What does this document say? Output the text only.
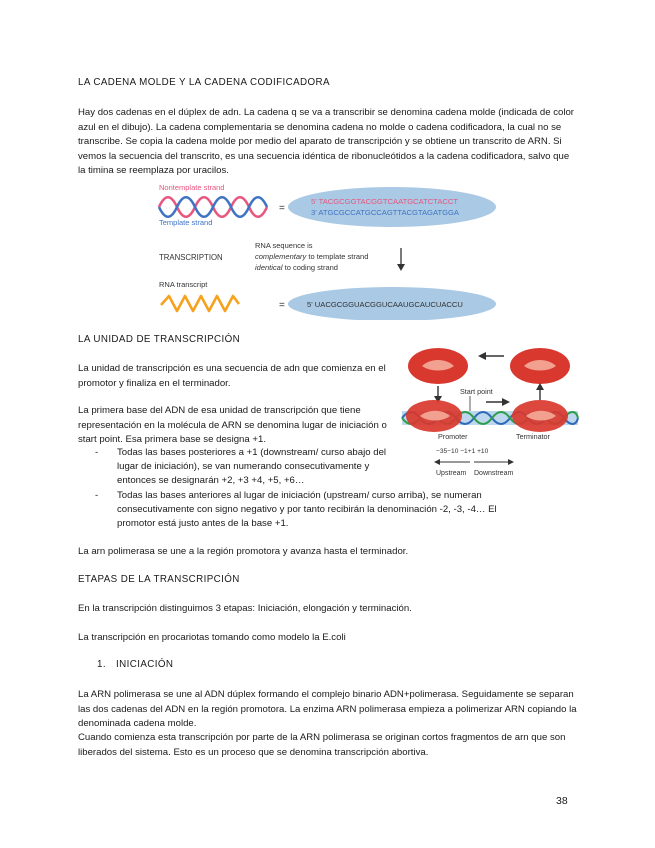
LA CADENA MOLDE Y LA CADENA CODIFICADORA

Hay dos cadenas en el dúplex de adn. La cadena q se va a transcribir se denomina cadena molde (indicada de color azul en el dibujo). La cadena complementaria se denomina cadena no molde o cadena codificadora, la cual no se transcribe. Se copia la cadena molde por medio del aparato de transcripción y se obtiene un transcrito de ARN. Si vemos la secuencia del transcrito, es una secuencia idéntica de ribonucleótidos a la cadena codificadora, salvo que la timina se reemplaza por uracilos.

Nontemplate strand
Template strand
=
5' TACGCGGTACGGTCAATGCATCTACCT
3' ATGCGCCATGCCAGTTACGTAGATGGA
TRANSCRIPTION
RNA sequence is
complementary to template strand
identical to coding strand
RNA transcript
=	5' UACGCGGUACGGUCAAUGCAUCUACCU

LA UNIDAD DE TRANSCRIPCIÓN

La unidad de transcripción es una secuencia de adn que comienza en el promotor y finaliza en el terminador.

La primera base del ADN de esa unidad de transcripción que tiene representación en la molécula de ARN se denomina lugar de iniciación o start point. Esa primera base se designa +1.

- Todas las bases posteriores a +1 (downstream/ curso abajo del lugar de iniciación), se van numerando consecutivamente y entonces se designarán +2, +3 +4, +5, +6…

- Todas las bases anteriores al lugar de iniciación (upstream/ curso arriba), se numeran consecutivamente con signo negativo y por tanto recibirán la denominación -2, -3, -4… El promotor está justo antes de la base +1.

Start point
Promoter	Terminator
−35−10 −1+1 +10
Upstream Downstream

La arn polimerasa se une a la región promotora y avanza hasta el terminador.

ETAPAS DE LA TRANSCRIPCIÓN

En la transcripción distinguimos 3 etapas: Iniciación, elongación y terminación.

La transcripción en procariotas tomando como modelo la E.coli

1. INICIACIÓN

La ARN polimerasa se une al ADN dúplex formando el complejo binario ADN+polimerasa. Seguidamente se separan las dos cadenas del ADN en la región promotora. La enzima ARN polimerasa empieza a polimerizar ARN copiando la denominada cadena molde.

Cuando comienza esta transcripción por parte de la ARN polimerasa se originan cortos fragmentos de arn que son liberados del sistema. Esto es un proceso que se denomina transcripción abortiva.

38
